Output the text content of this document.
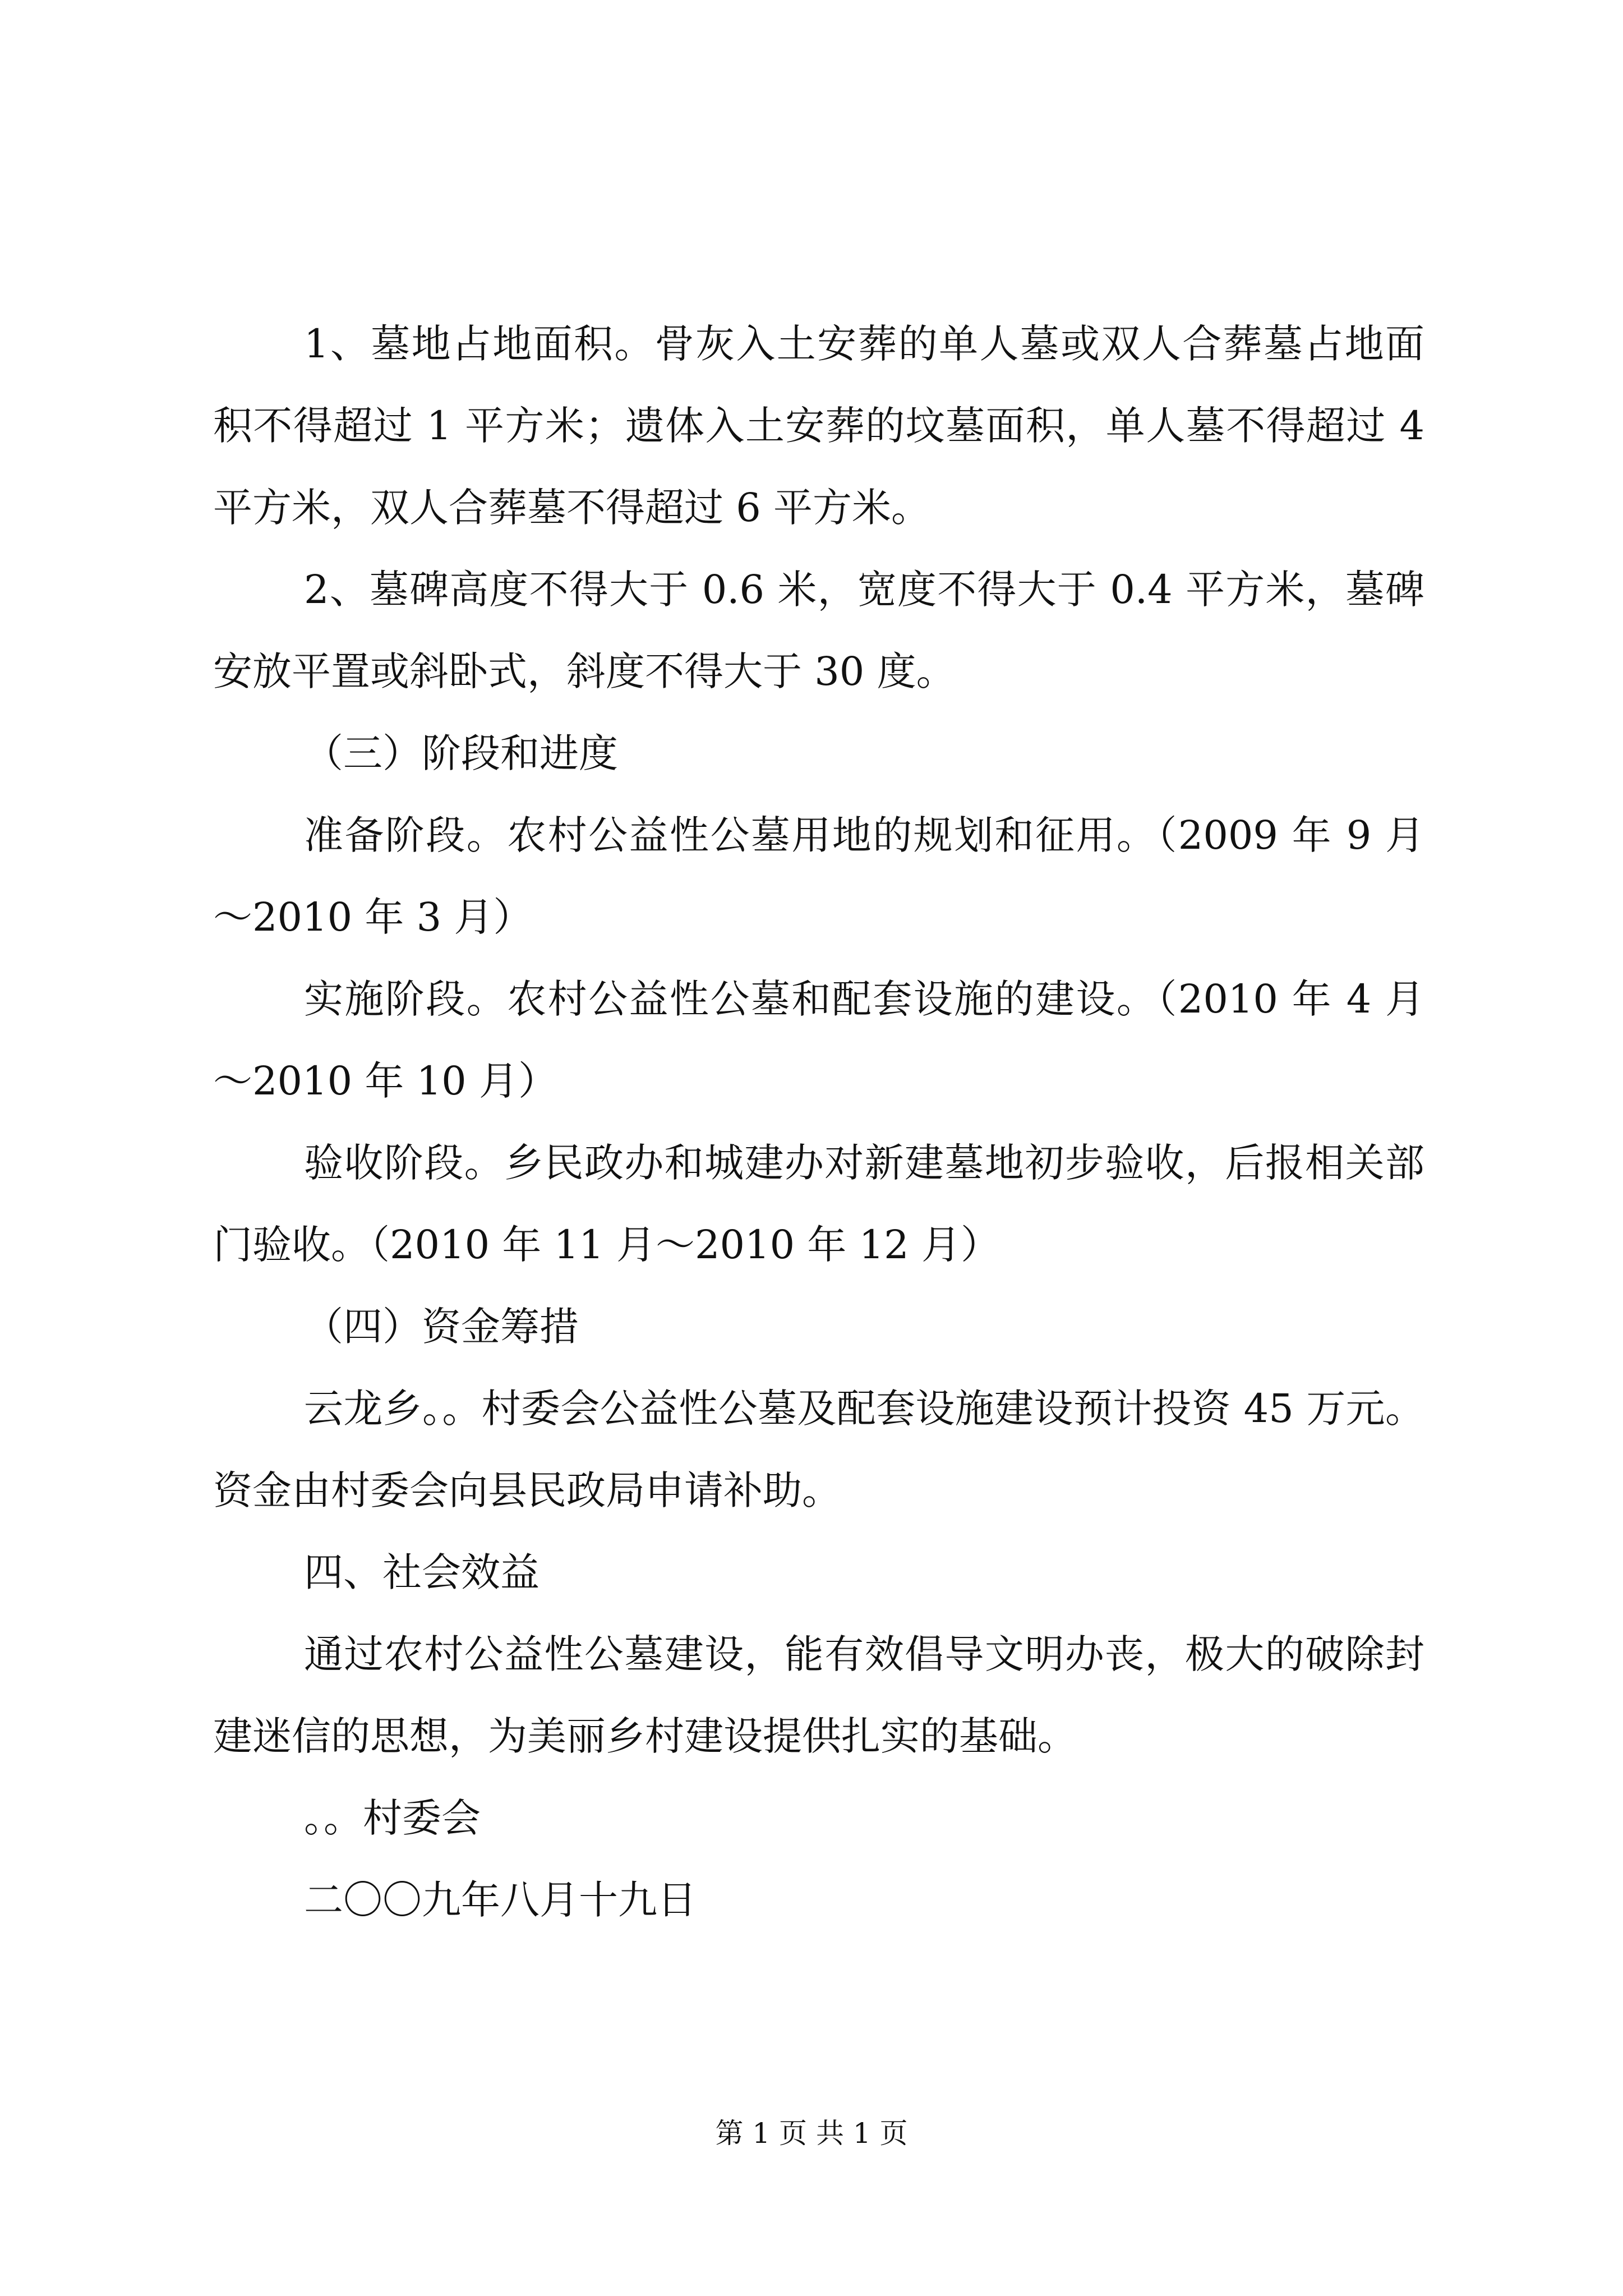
1、墓地占地面积。骨灰入土安葬的单人墓或双人合葬墓占地面积不得超过 1 平方米；遗体入土安葬的坟墓面积，单人墓不得超过 4 平方米，双人合葬墓不得超过 6 平方米。

2、墓碑高度不得大于 0.6 米，宽度不得大于 0.4 平方米，墓碑安放平置或斜卧式，斜度不得大于 30 度。

（三）阶段和进度

准备阶段。农村公益性公墓用地的规划和征用。（2009 年 9 月～2010 年 3 月）

实施阶段。农村公益性公墓和配套设施的建设。（2010 年 4 月～2010 年 10 月）

验收阶段。乡民政办和城建办对新建墓地初步验收，后报相关部门验收。（2010 年 11 月～2010 年 12 月）

（四）资金筹措

云龙乡。。村委会公益性公墓及配套设施建设预计投资 45 万元。资金由村委会向县民政局申请补助。

四、社会效益

通过农村公益性公墓建设，能有效倡导文明办丧，极大的破除封建迷信的思想，为美丽乡村建设提供扎实的基础。

。。村委会

二〇〇九年八月十九日

第 1 页 共 1 页
